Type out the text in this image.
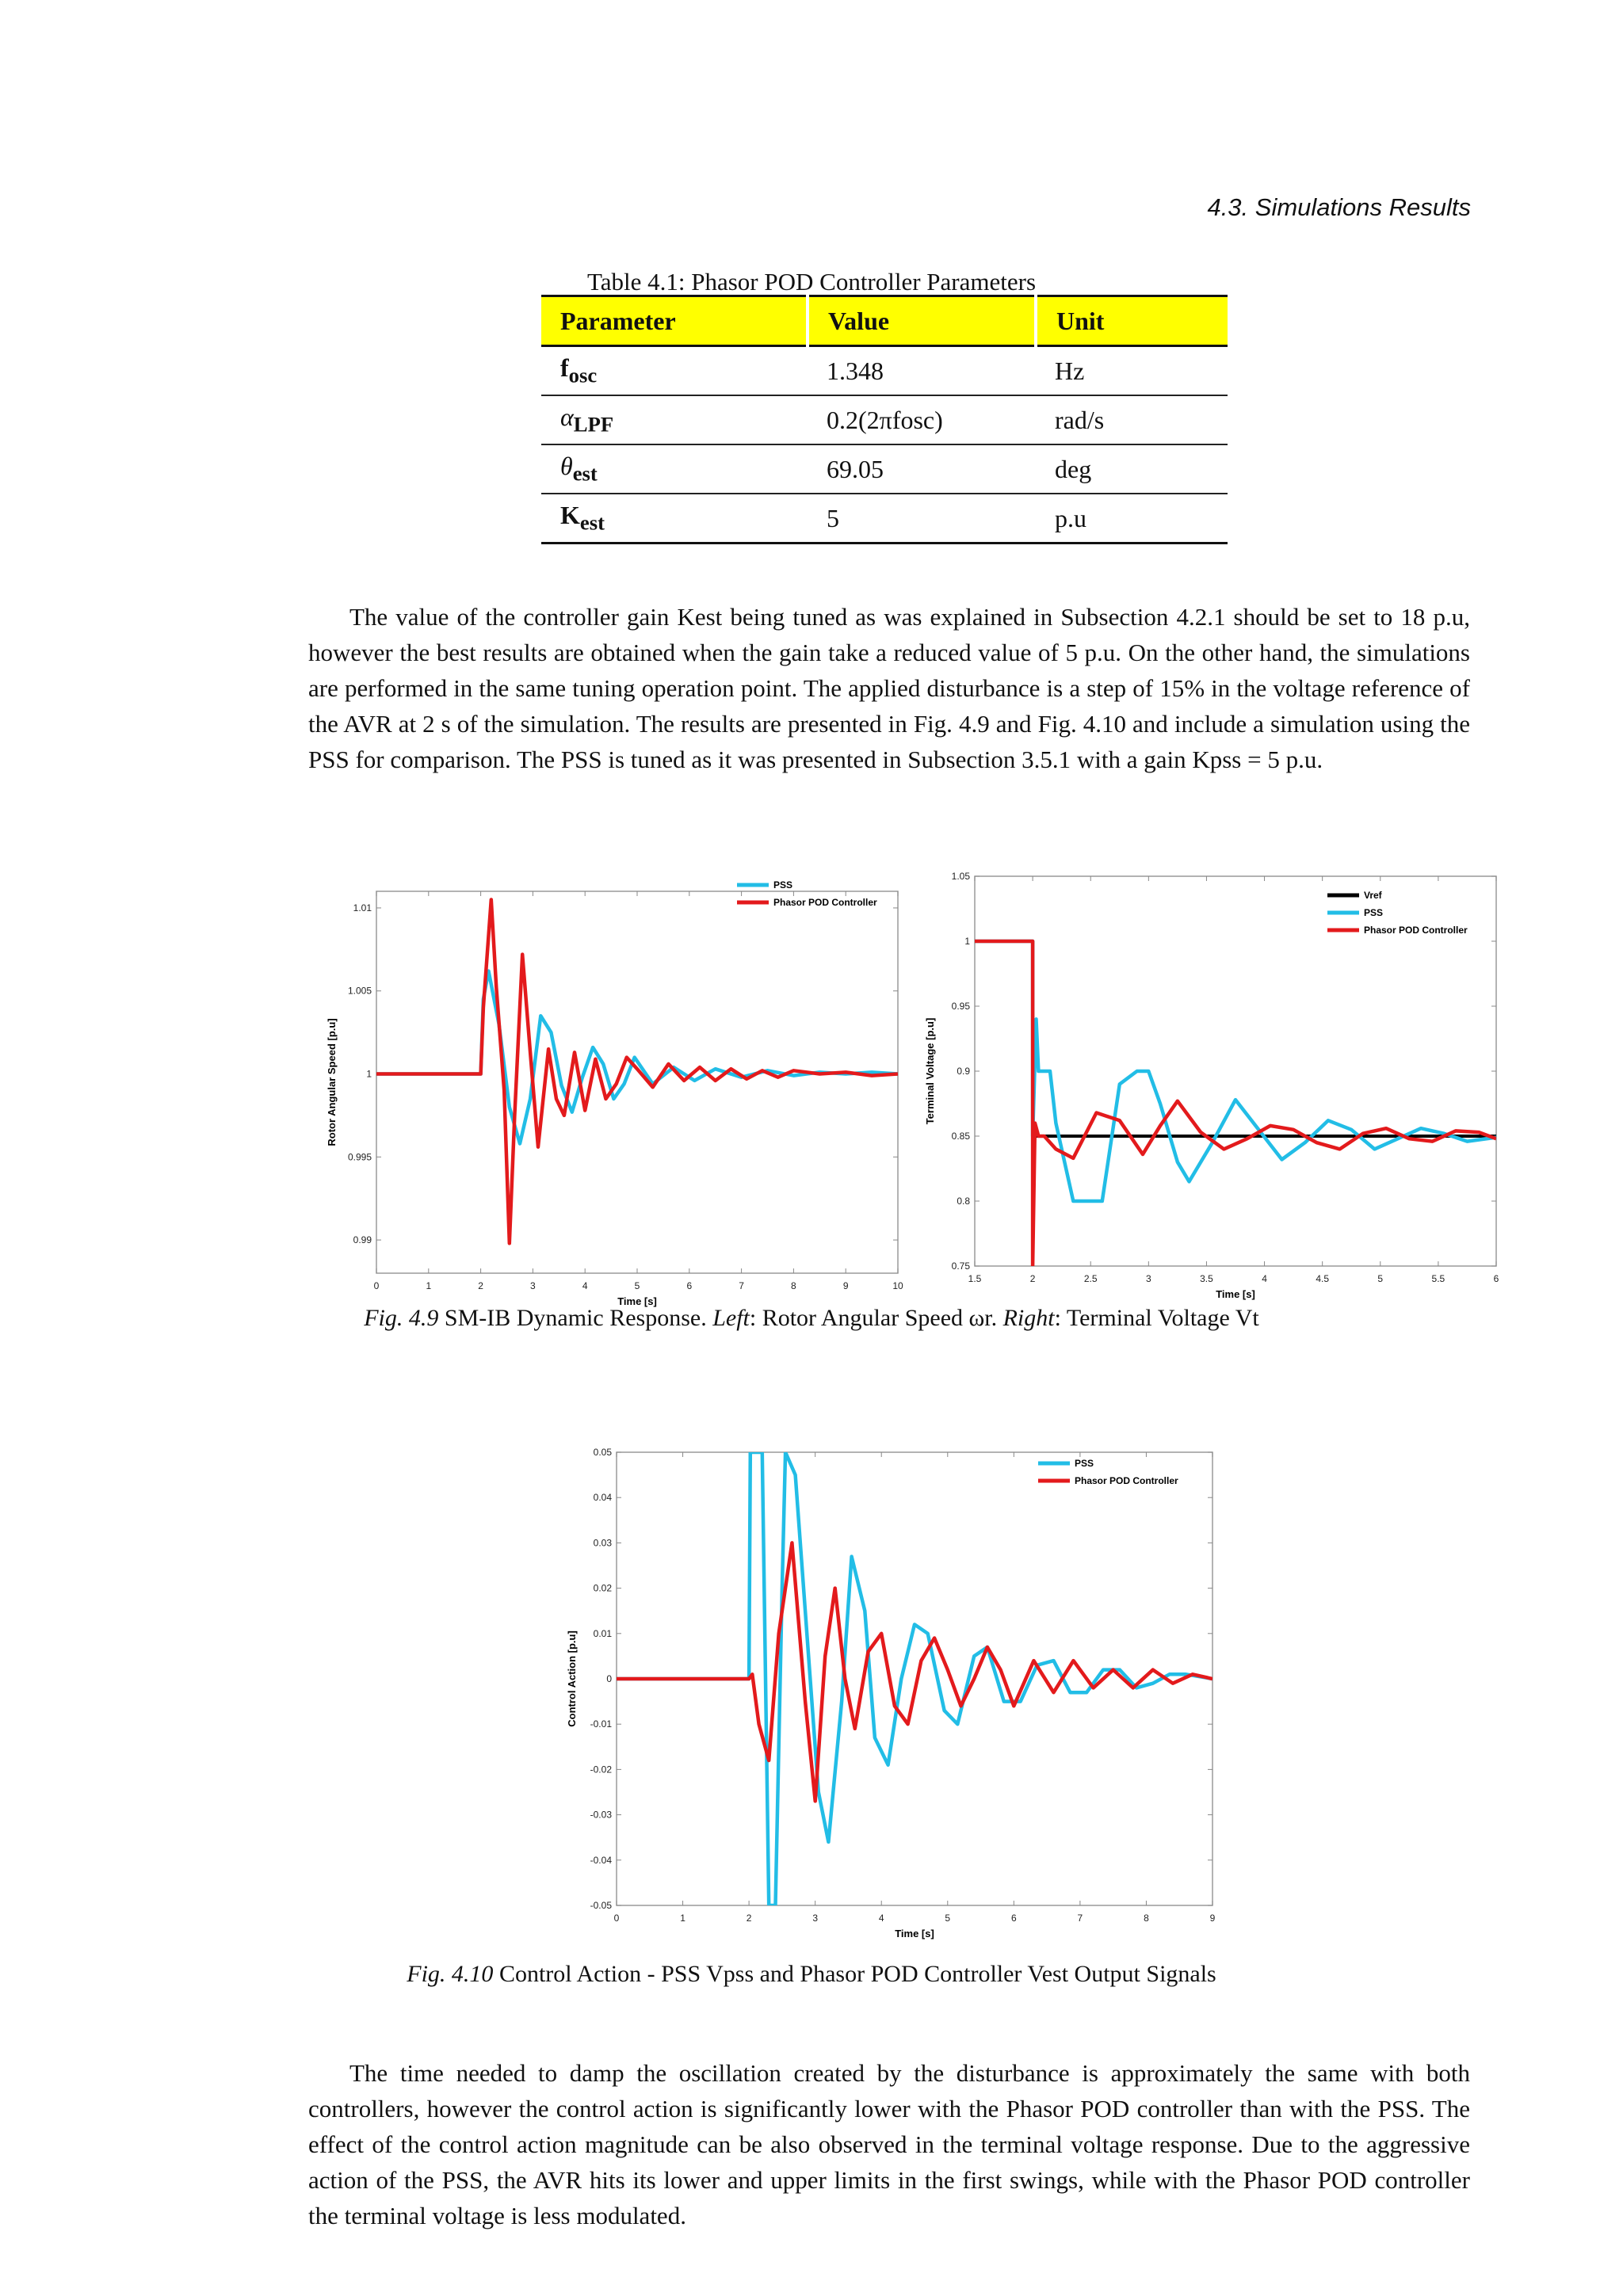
4.3. Simulations Results
Table 4.1: Phasor POD Controller Parameters
Parameter	Value	Unit
$f_{osc}$	1.348	Hz
$\alpha_{LPF}$	0.2(2πfosc)	rad/s
$\theta_{est}$	69.05	deg
$K_{est}$	5	p.u

The value of the controller gain Kest being tuned as was explained in Subsection 4.2.1 should be set to 18 p.u, however the best results are obtained when the gain take a reduced value of 5 p.u. On the other hand, the simulations are performed in the same tuning operation point. The applied disturbance is a step of 15% in the voltage reference of the AVR at 2 s of the simulation. The results are presented in Fig. 4.9 and Fig. 4.10 and include a simulation using the PSS for comparison. The PSS is tuned as it was presented in Subsection 3.5.1 with a gain Kpss = 5 p.u.

0	1	2	3	4	5	6	7	8	9	10
0.99
0.995
1
1.005
1.01
Time [s]
Rotor Angular Speed [p.u]
PSS
Phasor POD Controller
1.5	2	2.5	3	3.5	4	4.5	5	5.5	6
0.75
0.8
0.85
0.9
0.95
1
1.05
Time [s]
Terminal Voltage [p.u]
Vref
PSS
Phasor POD Controller
Fig. 4.9 SM-IB Dynamic Response. Left: Rotor Angular Speed ωr. Right: Terminal Voltage Vt
0	1	2	3	4	5	6	7	8	9
-0.05
-0.04
-0.03
-0.02
-0.01
0
0.01
0.02
0.03
0.04
0.05
Time [s]
Control Action [p.u]
PSS
Phasor POD Controller
Fig. 4.10 Control Action - PSS Vpss and Phasor POD Controller Vest Output Signals

The time needed to damp the oscillation created by the disturbance is approximately the same with both controllers, however the control action is significantly lower with the Phasor POD controller than with the PSS. The effect of the control action magnitude can be also observed in the terminal voltage response. Due to the aggressive action of the PSS, the AVR hits its lower and upper limits in the first swings, while with the Phasor POD controller the terminal voltage is less modulated.
